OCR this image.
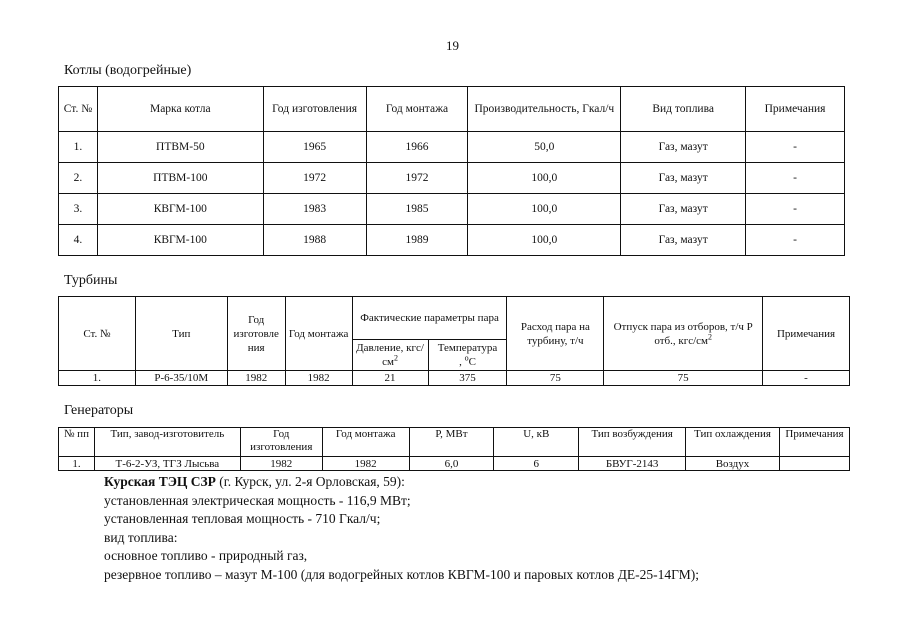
19
Котлы (водогрейные)
Ст. №	Марка котла	Год изготовления	Год монтажа	Производительность, Гкал/ч	Вид топлива	Примечания
1.	ПТВМ-50	1965	1966	50,0	Газ, мазут	-
2.	ПТВМ-100	1972	1972	100,0	Газ, мазут	-
3.	КВГМ-100	1983	1985	100,0	Газ, мазут	-
4.	КВГМ-100	1988	1989	100,0	Газ, мазут	-
Турбины
Ст. №	Тип	Год изготовле ния	Год монтажа	Фактические параметры пара		Расход пара на турбину, т/ч	Отпуск пара из отборов, т/ч Р отб., кгс/$см^2$	Примечания
				Давление, кгс/$см^2$	Температура
, $^о$С			
1.	Р-6-35/10М	1982	1982	21	375	75	75	-
Генераторы
№ пп	Тип, завод-изготовитель	Год изготовления	Год монтажа	Р, МВт	U, кВ	Тип возбуждения	Тип охлаждения	Примечания
1.	Т-6-2-УЗ, ТГЗ Лысьва	1982	1982	6,0	6	БВУГ-2143	Воздух	
Курская ТЭЦ СЗР (г. Курск, ул. 2-я Орловская, 59):
установленная электрическая мощность - 116,9 МВт;
установленная тепловая мощность - 710 Гкал/ч;
вид топлива:
основное топливо - природный газ,
резервное топливо – мазут М-100 (для водогрейных котлов КВГМ-100 и паровых котлов ДЕ-25-14ГМ);
